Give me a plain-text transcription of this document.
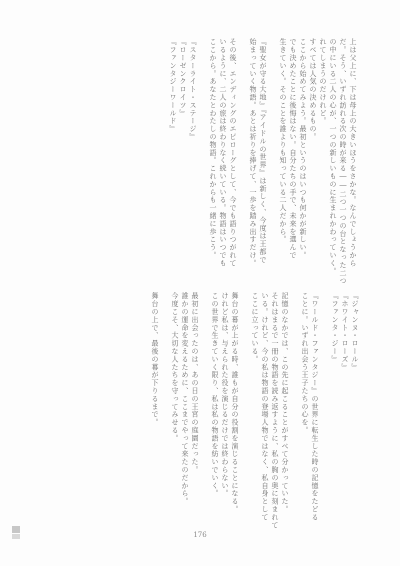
上は父上に、下は母上の大きいほうをさかな。なんでしょうから
だ。そう、いずれ訪れる次の時が来る――二つ一つの台となった二つ
の中にいる二人の心が、一つの新しいものに生まれかわっていく。
れてしまうのだけれど。
すべては人気の決めるもの。
ここから始めてみよう。最初というのはいつも何かが新しい。
でも決めたことに後悔はない。自分たちの手で、未来を選んで
生きていく。そのことを誰よりも知っている二人だから。

『聖女が守る大地』『アイドルの世界』は新しく、今度は王都で
始まっていく物語。あとは祈りを捧げて、一歩を踏み出すだけ。

その後、エンディングのエピローグとして、今でも語りつがれて
いるように、二人の旅は終わりなく続いている。物語はいつでも
ここから。あなたとわたしの物語。これからも一緒に歩こう。

『スターライト・ステージ』
『ローゼンクロイツ』
『ファンタジーワールド』
『ジャンヌ・ロール』
『ホワイト・ローズ』
『ファンタ・ジー』

『ワールド・ファンタジー』の世界に転生した時の記憶をたどる
ことに。いずれ出会う王子たちの心を。

記憶のなかでは、この先に起こることがすべて分かっていた。
それはまるで一冊の物語を読み返すように、私の胸の奥に刻まれて
いる。けれど、今の私は物語の登場人物ではなく、私自身として
ここに立っている。

舞台の幕が上がる時、誰もが自分の役割を演じることになる。
けれど私は、与えられた役を演じるだけでは終わらない。
この世界で生きていく限り、私は私の物語を紡いでいく。

最初に出会ったのは、あの日の王宮の庭園だった。
誰かの運命を変えるために、ここまでやって来たのだから。
今度こそ、大切な人たちを守ってみせる。

舞台の上で、最後の幕が下りるまで。
176
